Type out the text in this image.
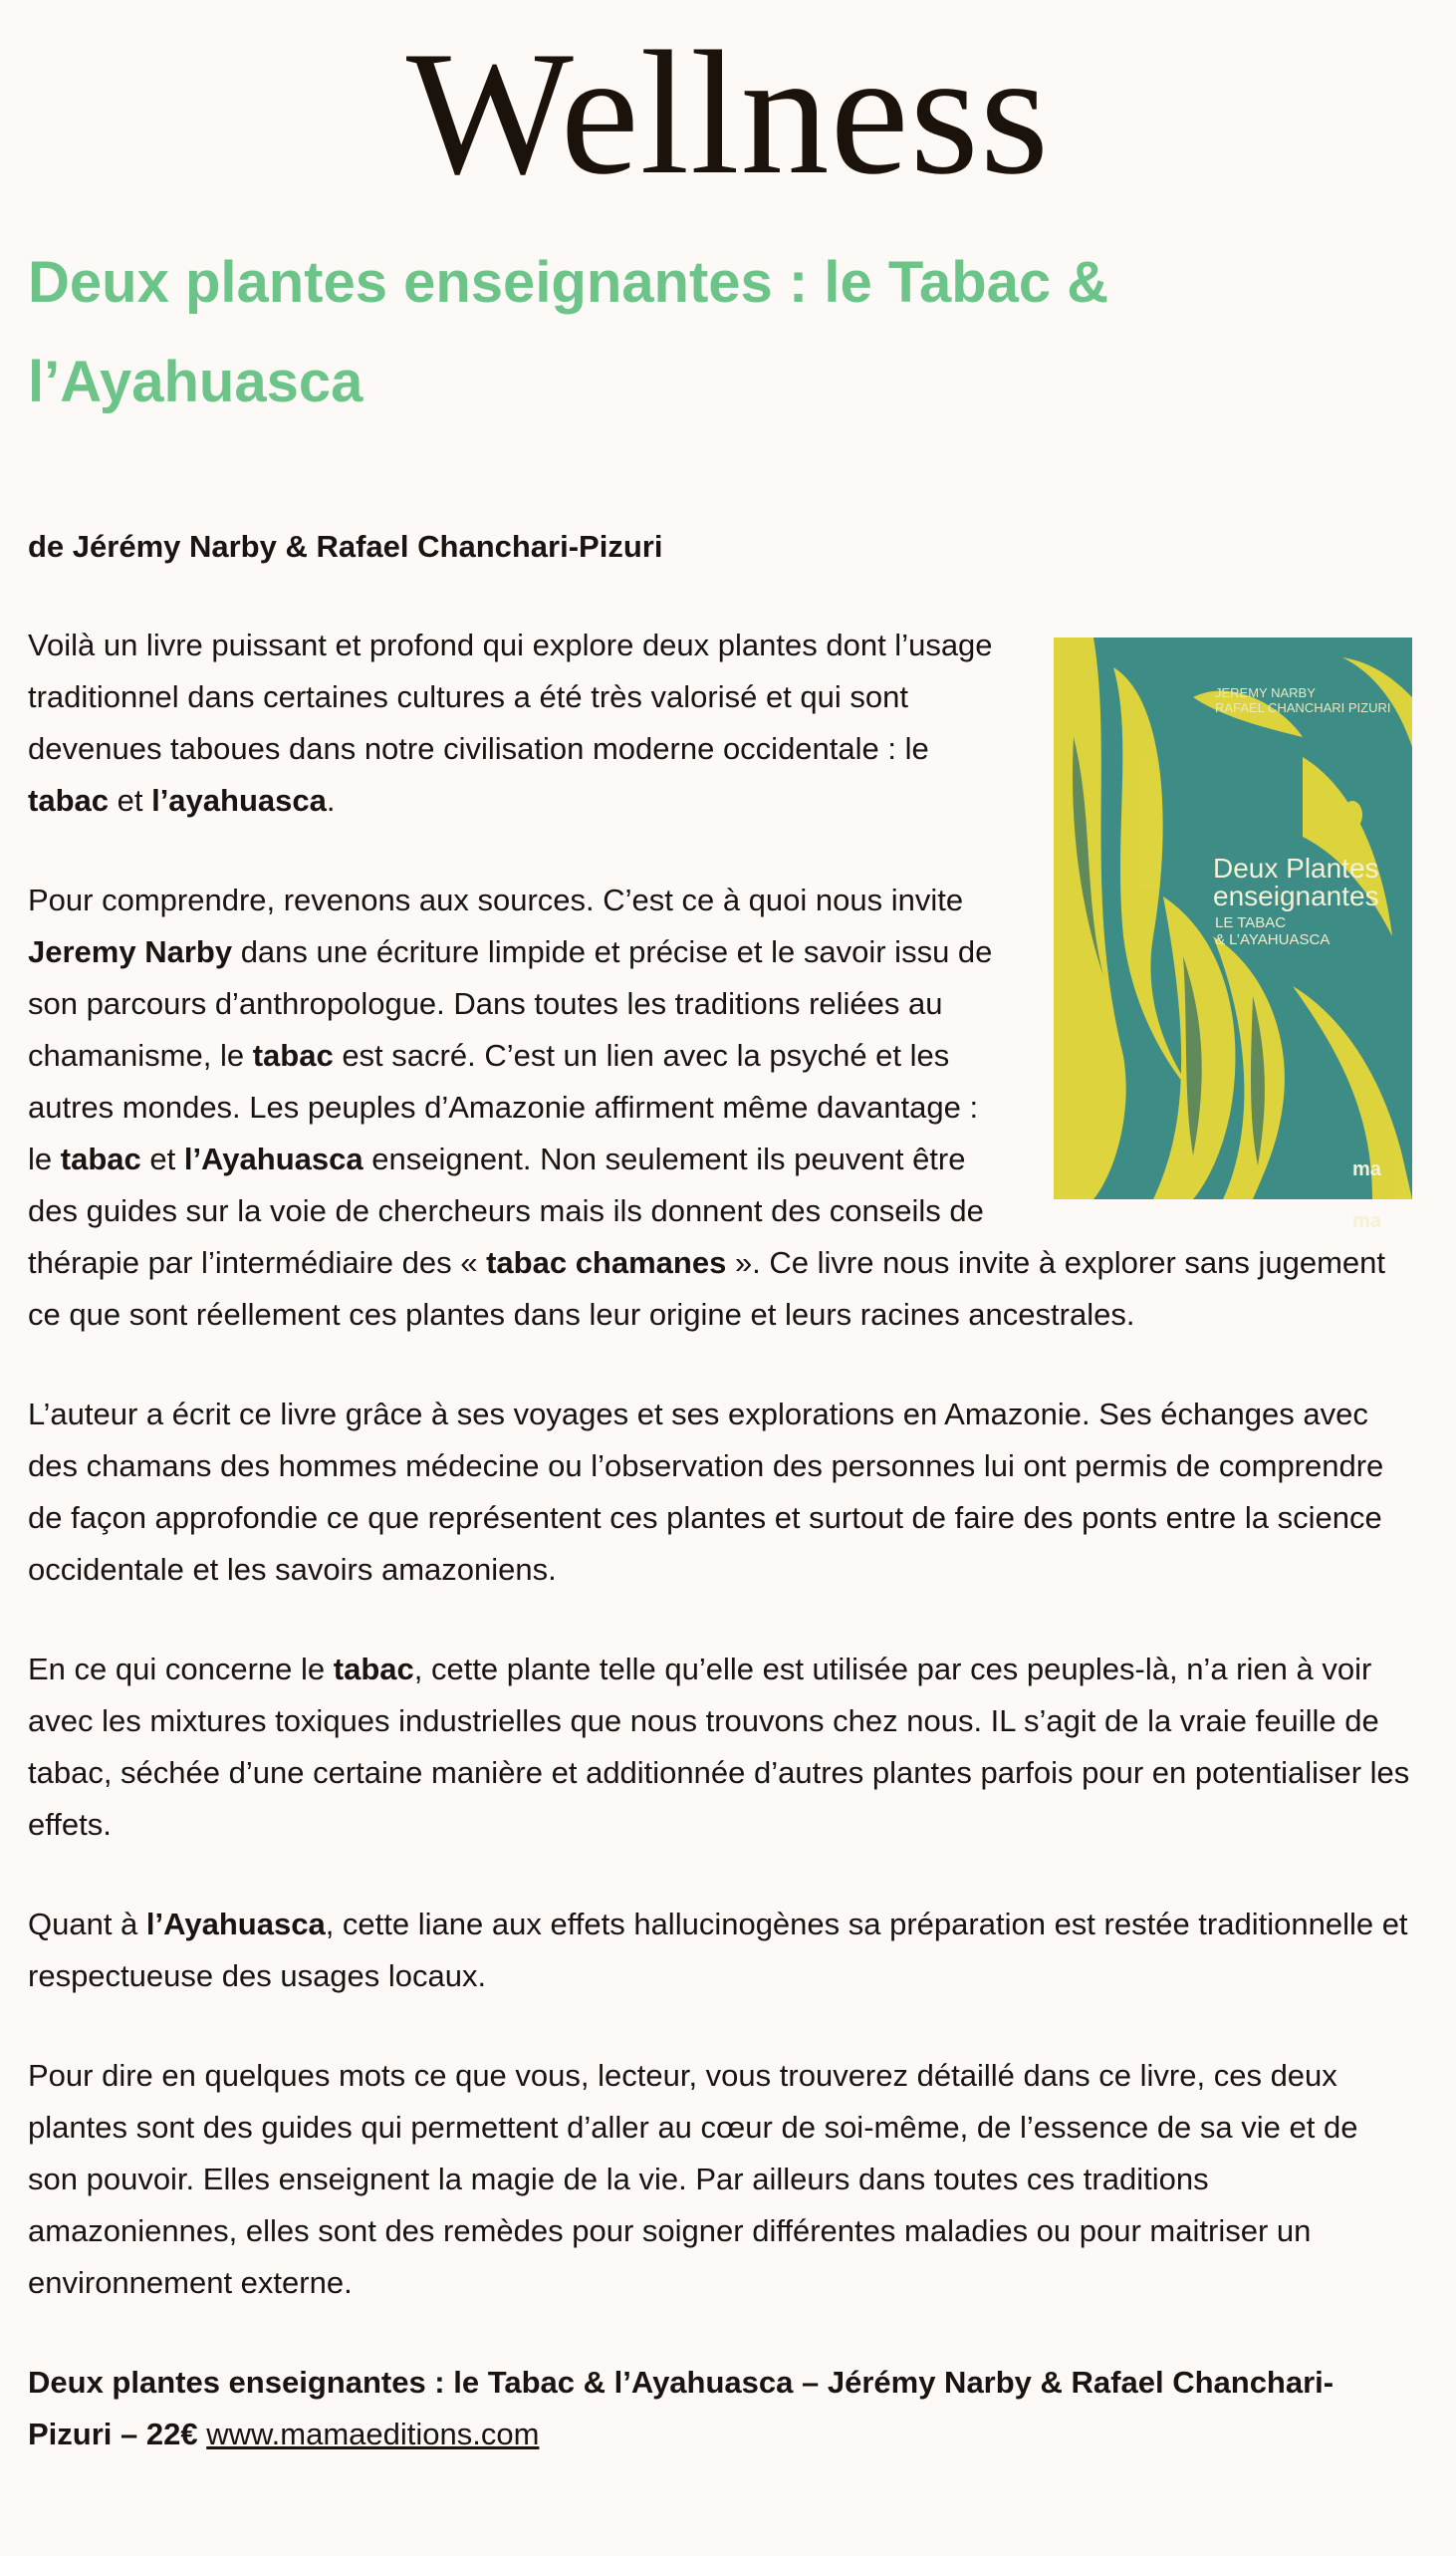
Wellness
Deux plantes enseignantes : le Tabac & l’Ayahuasca
de Jérémy Narby & Rafael Chanchari-Pizuri
JEREMY NARBY
RAFAEL CHANCHARI PIZURI
Deux Plantes
enseignantes
LE TABAC
& L’AYAHUASCA
ma ma

Voilà un livre puissant et profond qui explore deux plantes dont l’usage traditionnel dans certaines cultures a été très valorisé et qui sont devenues taboues dans notre civilisation moderne occidentale : le tabac et l’ayahuasca.

Pour comprendre, revenons aux sources. C’est ce à quoi nous invite Jeremy Narby dans une écriture limpide et précise et le savoir issu de son parcours d’anthropologue. Dans toutes les traditions reliées au chamanisme, le tabac est sacré. C’est un lien avec la psyché et les autres mondes. Les peuples d’Amazonie affirment même davantage : le tabac et l’Ayahuasca enseignent. Non seulement ils peuvent être des guides sur la voie de chercheurs mais ils donnent des conseils de thérapie par l’intermédiaire des « tabac chamanes ». Ce livre nous invite à explorer sans jugement ce que sont réellement ces plantes dans leur origine et leurs racines ancestrales.

L’auteur a écrit ce livre grâce à ses voyages et ses explorations en Amazonie. Ses échanges avec des chamans des hommes médecine ou l’observation des personnes lui ont permis de comprendre de façon approfondie ce que représentent ces plantes et surtout de faire des ponts entre la science occidentale et les savoirs amazoniens.

En ce qui concerne le tabac, cette plante telle qu’elle est utilisée par ces peuples-là, n’a rien à voir avec les mixtures toxiques industrielles que nous trouvons chez nous. IL s’agit de la vraie feuille de tabac, séchée d’une certaine manière et additionnée d’autres plantes parfois pour en potentialiser les effets.

Quant à l’Ayahuasca, cette liane aux effets hallucinogènes sa préparation est restée traditionnelle et respectueuse des usages locaux.

Pour dire en quelques mots ce que vous, lecteur, vous trouverez détaillé dans ce livre, ces deux plantes sont des guides qui permettent d’aller au cœur de soi-même, de l’essence de sa vie et de son pouvoir. Elles enseignent la magie de la vie. Par ailleurs dans toutes ces traditions amazoniennes, elles sont des remèdes pour soigner différentes maladies ou pour maitriser un environnement externe.

Deux plantes enseignantes : le Tabac & l’Ayahuasca – Jérémy Narby & Rafael Chanchari-Pizuri – 22€ www.mamaeditions.com
